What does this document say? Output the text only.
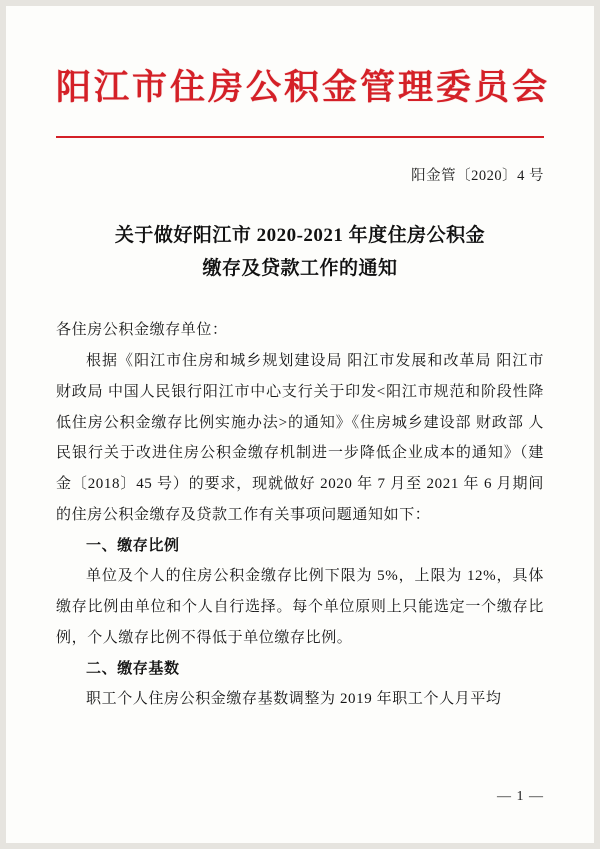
阳江市住房公积金管理委员会
阳金管〔2020〕4 号
关于做好阳江市 2020-2021 年度住房公积金
缴存及贷款工作的通知

各住房公积金缴存单位：

根据《阳江市住房和城乡规划建设局 阳江市发展和改革局 阳江市财政局 中国人民银行阳江市中心支行关于印发<阳江市规范和阶段性降低住房公积金缴存比例实施办法>的通知》《住房城乡建设部 财政部 人民银行关于改进住房公积金缴存机制进一步降低企业成本的通知》（建金〔2018〕45 号）的要求，现就做好 2020 年 7 月至 2021 年 6 月期间的住房公积金缴存及贷款工作有关事项问题通知如下：

一、缴存比例

单位及个人的住房公积金缴存比例下限为 5%，上限为 12%，具体缴存比例由单位和个人自行选择。每个单位原则上只能选定一个缴存比例，个人缴存比例不得低于单位缴存比例。

二、缴存基数

职工个人住房公积金缴存基数调整为 2019 年职工个人月平均

— 1 —
